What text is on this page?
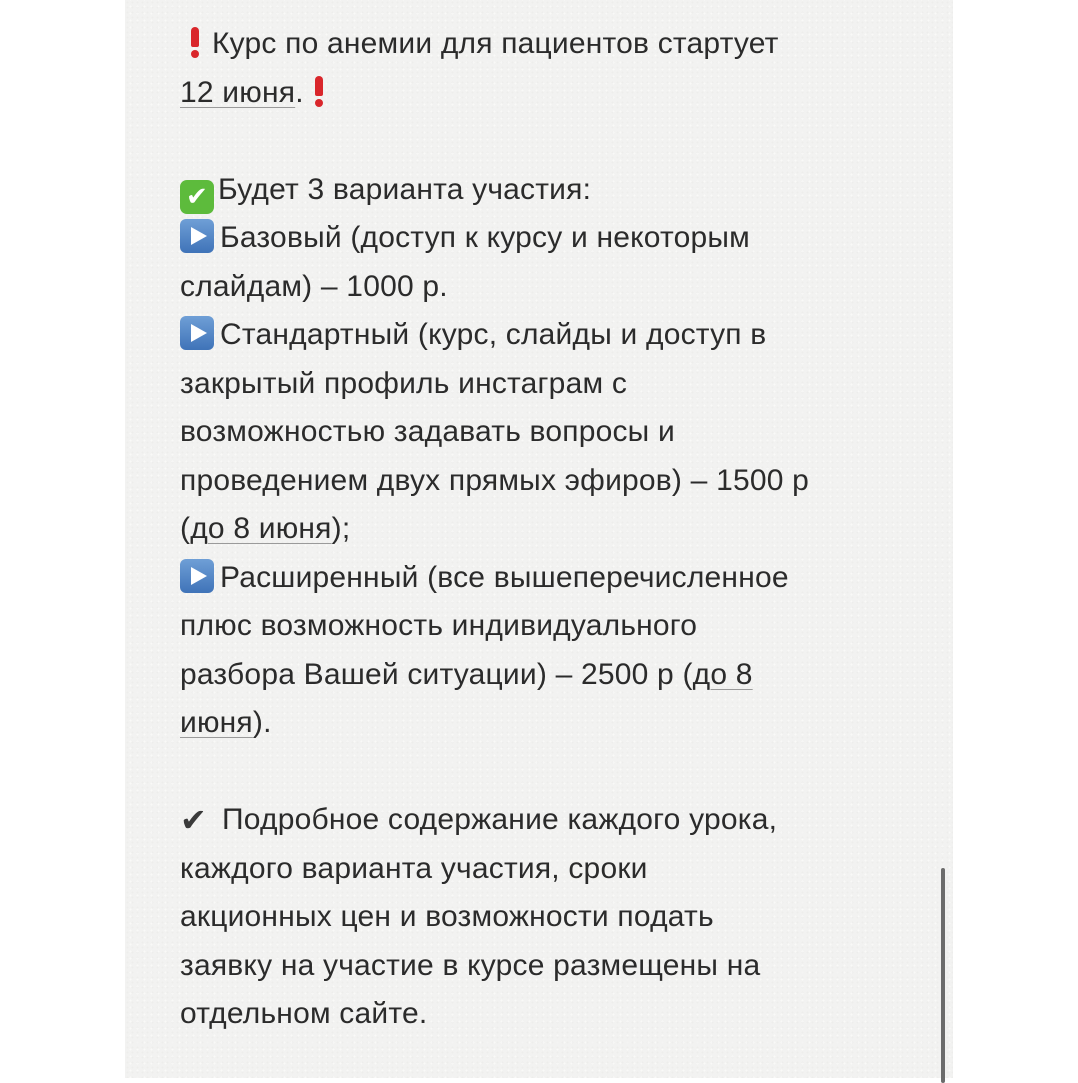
Курс по анемии для пациентов стартует
12 июня.
✔ Будет 3 варианта участия:
Базовый (доступ к курсу и некоторым
слайдам) – 1000 р.
Стандартный (курс, слайды и доступ в
закрытый профиль инстаграм с
возможностью задавать вопросы и
проведением двух прямых эфиров) – 1500 р
(до 8 июня);
Расширенный (все вышеперечисленное
плюс возможность индивидуального
разбора Вашей ситуации) – 2500 р (до 8
июня).
✔ Подробное содержание каждого урока,
каждого варианта участия, сроки
акционных цен и возможности подать
заявку на участие в курсе размещены на
отдельном сайте.
